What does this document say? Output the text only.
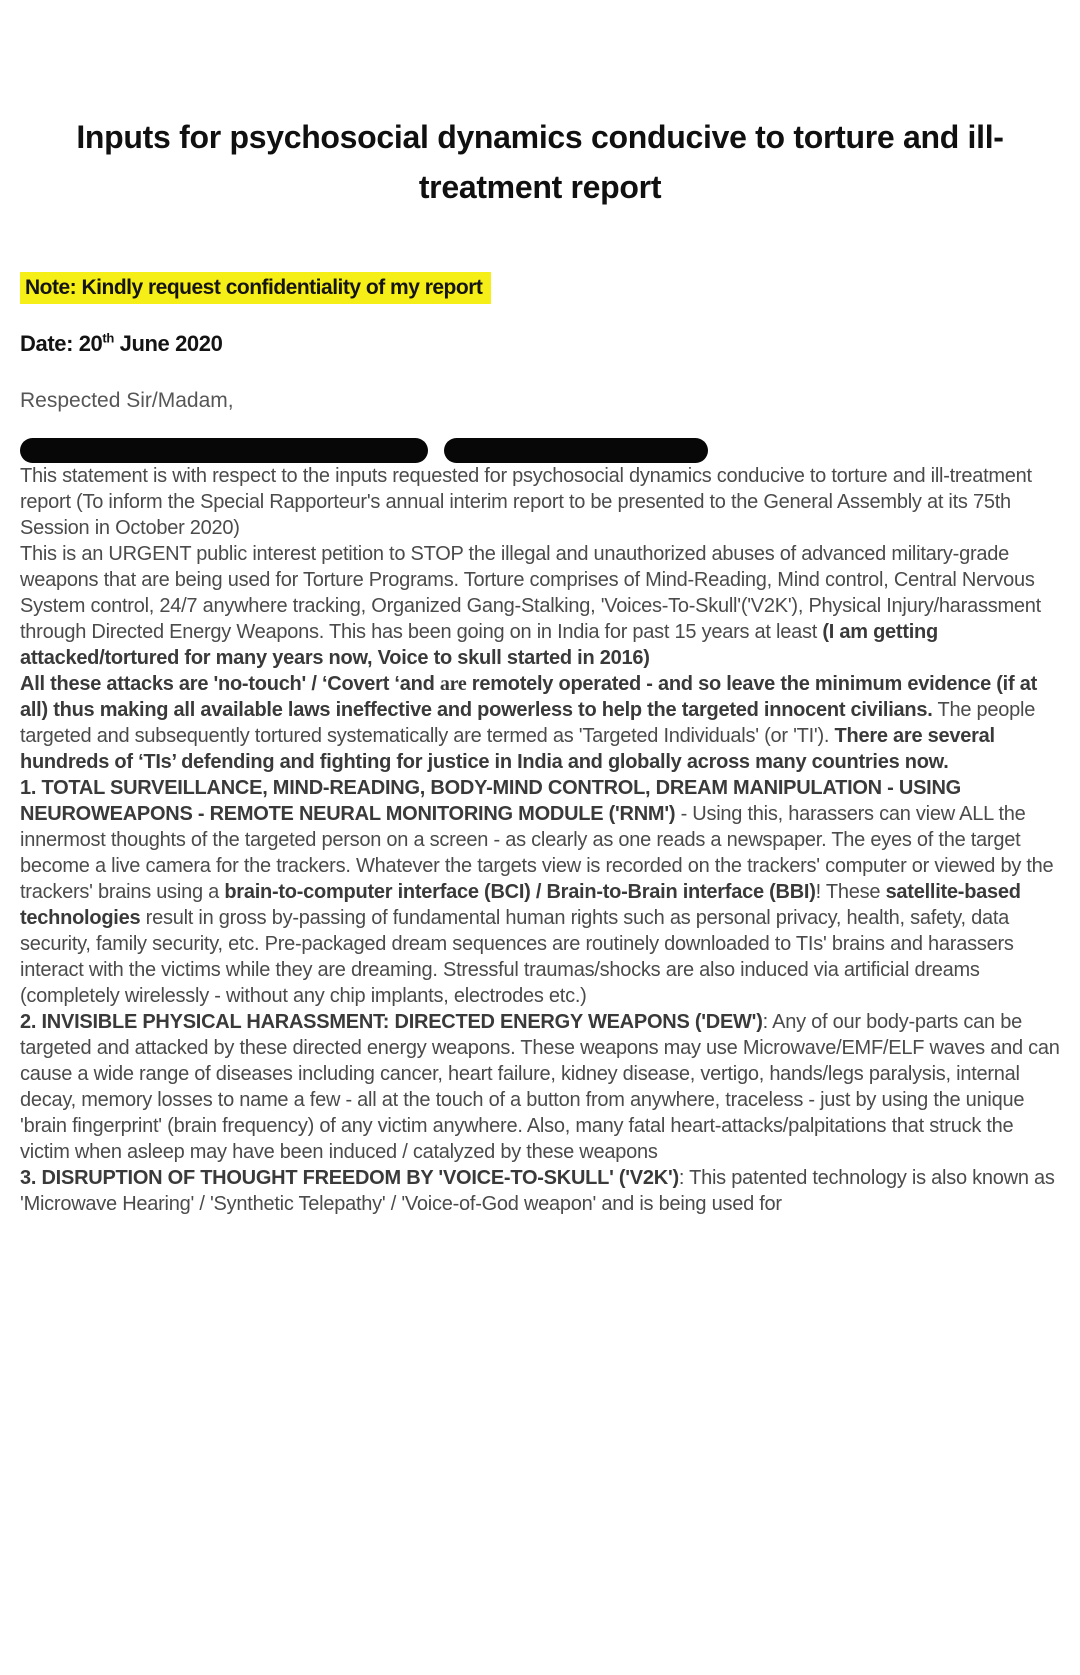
Inputs for psychosocial dynamics conducive to torture and ill-treatment report
Note: Kindly request confidentiality of my report

Date: 20th June 2020

Respected Sir/Madam,

This statement is with respect to the inputs requested for psychosocial dynamics conducive to torture and ill-treatment report (To inform the Special Rapporteur's annual interim report to be presented to the General Assembly at its 75th Session in October 2020)

This is an URGENT public interest petition to STOP the illegal and unauthorized abuses of advanced military-grade weapons that are being used for Torture Programs. Torture comprises of Mind-Reading, Mind control, Central Nervous System control, 24/7 anywhere tracking, Organized Gang-Stalking, 'Voices-To-Skull'('V2K'), Physical Injury/harassment through Directed Energy Weapons. This has been going on in India for past 15 years at least (I am getting attacked/tortured for many years now, Voice to skull started in 2016)

All these attacks are 'no-touch' / ‘Covert ‘and are remotely operated - and so leave the minimum evidence (if at all) thus making all available laws ineffective and powerless to help the targeted innocent civilians. The people targeted and subsequently tortured systematically are termed as 'Targeted Individuals' (or 'TI'). There are several hundreds of ‘TIs’ defending and fighting for justice in India and globally across many countries now.

1. TOTAL SURVEILLANCE, MIND-READING, BODY-MIND CONTROL, DREAM MANIPULATION - USING NEUROWEAPONS - REMOTE NEURAL MONITORING MODULE ('RNM') - Using this, harassers can view ALL the innermost thoughts of the targeted person on a screen - as clearly as one reads a newspaper. The eyes of the target become a live camera for the trackers. Whatever the targets view is recorded on the trackers' computer or viewed by the trackers' brains using a brain-to-computer interface (BCI) / Brain-to-Brain interface (BBI)! These satellite-based technologies result in gross by-passing of fundamental human rights such as personal privacy, health, safety, data security, family security, etc. Pre-packaged dream sequences are routinely downloaded to TIs' brains and harassers interact with the victims while they are dreaming. Stressful traumas/shocks are also induced via artificial dreams (completely wirelessly - without any chip implants, electrodes etc.)

2. INVISIBLE PHYSICAL HARASSMENT: DIRECTED ENERGY WEAPONS ('DEW'): Any of our body-parts can be targeted and attacked by these directed energy weapons. These weapons may use Microwave/EMF/ELF waves and can cause a wide range of diseases including cancer, heart failure, kidney disease, vertigo, hands/legs paralysis, internal decay, memory losses to name a few - all at the touch of a button from anywhere, traceless - just by using the unique 'brain fingerprint' (brain frequency) of any victim anywhere. Also, many fatal heart-attacks/palpitations that struck the victim when asleep may have been induced / catalyzed by these weapons

3. DISRUPTION OF THOUGHT FREEDOM BY 'VOICE-TO-SKULL' ('V2K'): This patented technology is also known as 'Microwave Hearing' / 'Synthetic Telepathy' / 'Voice-of-God weapon' and is being used for
